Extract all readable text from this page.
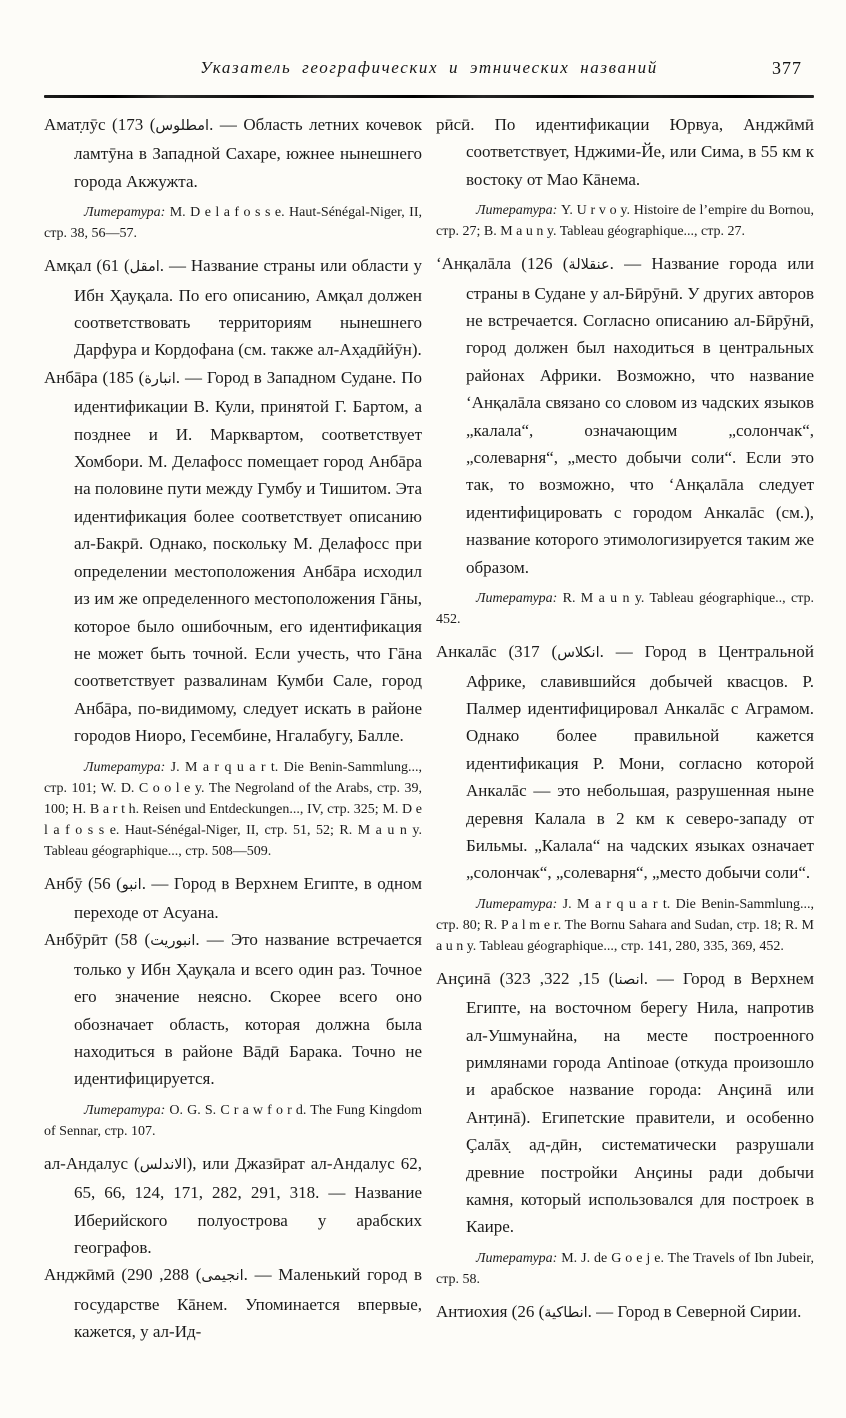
Указатель географических и этнических названий	377

Амат̣лӯс (	امطلوس) 173. — Область летних кочевок ламтӯна в Западной Сахаре, южнее нынешнего города Акжужта.

Литература: M. D e l a f o s s e. Haut-Sénégal-Niger, II, стр. 38, 56—57.

Амқал ( امقل) 61. — Название страны или области у Ибн Ҳауқала. По его описанию, Амқал должен соответствовать территориям нынешнего Дарфура и Кордофана (см. также ал-Ах̣адӣйӯн).

Анбāра ( انبارة) 185. — Город в Западном Судане. По идентификации В. Кули, принятой Г. Бартом, а позднее и И. Марквартом, соответствует Хомбори. М. Делафосс помещает город Анбāра на половине пути между Гумбу и Тишитом. Эта идентификация более соответствует описанию ал-Бакрӣ. Однако, поскольку М. Делафосс при определении местоположения Анбāра исходил из им же определенного местоположения Гāны, которое было ошибочным, его идентификация не может быть точной. Если учесть, что Гāна соответствует развалинам Кумби Сале, город Анбāра, по-видимому, следует искать в районе городов Ниоро, Гесембине, Нгалабугу, Балле.

Литература: J. M a r q u a r t. Die Benin-Sammlung..., стр. 101; W. D. C o o l e y. The Negroland of the Arabs, стр. 39, 100; H. B a r t h. Reisen und Entdeckungen..., IV, стр. 325; M. D e l a f o s s e. Haut-Sénégal-Niger, II, стр. 51, 52; R. M a u n y. Tableau géographique..., стр. 508—509.

Анбӯ ( انبو) 56. — Город в Верхнем Египте, в одном переходе от Асуана.

Анбӯрӣт ( انبوريت) 58. — Это название встречается только у Ибн Ҳауқала и всего один раз. Точное его значение неясно. Скорее всего оно обозначает область, которая должна была находиться в районе Вāдӣ Барака. Точно не идентифицируется.

Литература: O. G. S. C r a w f o r d. The Fung Kingdom of Sennar, стр. 107.

ал-Андалус (الاندلس), или Джазӣрат ал-Андалус 62, 65, 66, 124, 171, 282, 291, 318. — Название Иберийского полуострова у арабских географов.

Анджӣмӣ (	انجيمى) 288, 290. — Маленький город в государстве Кāнем. Упоминается впервые, кажется, у ал-Ид-

рӣсӣ. По идентификации Юрвуа, Анджӣмӣ соответствует, Нджими-Йе, или Сима, в 55 км к востоку от Мао Кāнема.

Литература: Y. U r v o y. Histoire de l’empire du Bornou, стр. 27; B. M a u n y. Tableau géographique..., стр. 27.

‘Анқалāла (	عنقلالة) 126. — Название города или страны в Судане у ал-Бӣрӯнӣ. У других авторов не встречается. Согласно описанию ал-Бӣрӯнӣ, город должен был находиться в центральных районах Африки. Возможно, что название ‘Анқалāла связано со словом из чадских языков „калала“, означающим „солончак“, „солеварня“, „место добычи соли“. Если это так, то возможно, что ‘Анқалāла следует идентифицировать с городом Анкалāс (см.), название которого этимологизируется таким же образом.

Литература: R. M a u n y. Tableau géographique.., стр. 452.

Анкалāс (	انكلاس) 317. — Город в Центральной Африке, славившийся добычей квасцов. Р. Палмер идентифицировал Анкалāс с Аграмом. Однако более правильной кажется идентификация Р. Мони, согласно которой Анкалāс — это небольшая, разрушенная ныне деревня Калала в 2 км к северо-западу от Бильмы. „Калала“ на чадских языках означает „солончак“, „солеварня“, „место добычи соли“.

Литература: J. M a r q u a r t. Die Benin-Sammlung..., стр. 80; R. P a l m e r. The Bornu Sahara and Sudan, стр. 18; R. M a u n y. Tableau géographique..., стр. 141, 280, 335, 369, 452.

Анҫинā (	انصنا) 15, 322, 323. — Город в Верхнем Египте, на восточном берегу Нила, напротив ал-Ушмунайна, на месте построенного римлянами города Antinoae (откуда произошло и арабское название города: Анҫинā или Ант̣инā). Египетские правители, и особенно Ҫалāх̣ ад-дӣн, систематически разрушали древние постройки Анҫины ради добычи камня, который использовался для построек в Каире.

Литература: M. J. de G o e j e. The Travels of Ibn Jubeir, стр. 58.

Антиохия ( انطاكية) 26. — Город в Северной Сирии.
